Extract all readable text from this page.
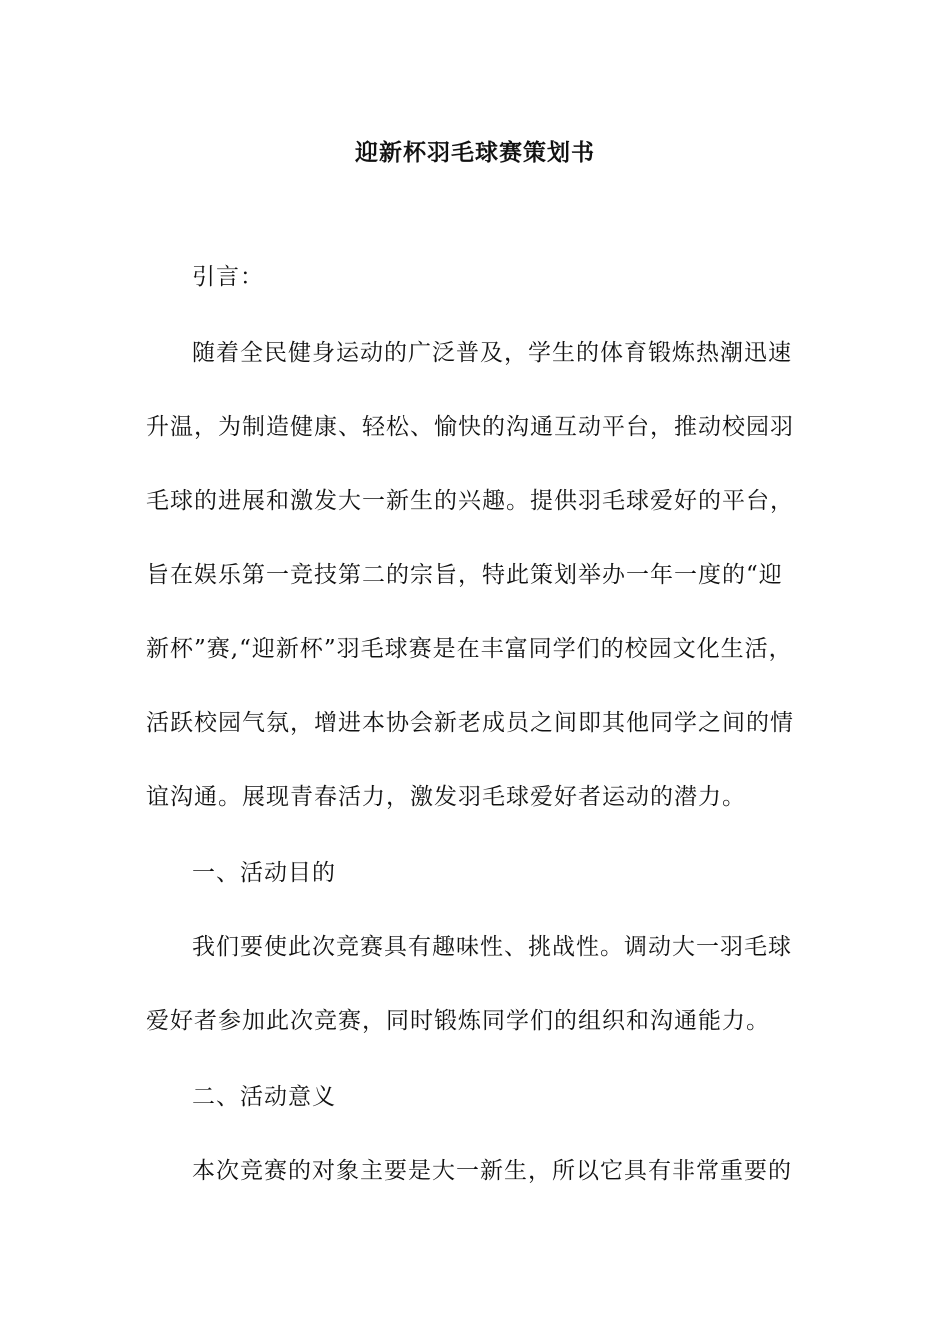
迎新杯羽毛球赛策划书
引言：
随着全民健身运动的广泛普及，学生的体育锻炼热潮迅速
升温，为制造健康、轻松、愉快的沟通互动平台，推动校园羽
毛球的进展和激发大一新生的兴趣。提供羽毛球爱好的平台，
旨在娱乐第一竞技第二的宗旨，特此策划举办一年一度的“迎
新杯”赛,“迎新杯”羽毛球赛是在丰富同学们的校园文化生活，
活跃校园气氛，增进本协会新老成员之间即其他同学之间的情
谊沟通。展现青春活力，激发羽毛球爱好者运动的潜力。
一、活动目的
我们要使此次竞赛具有趣味性、挑战性。调动大一羽毛球
爱好者参加此次竞赛，同时锻炼同学们的组织和沟通能力。
二、活动意义
本次竞赛的对象主要是大一新生，所以它具有非常重要的
